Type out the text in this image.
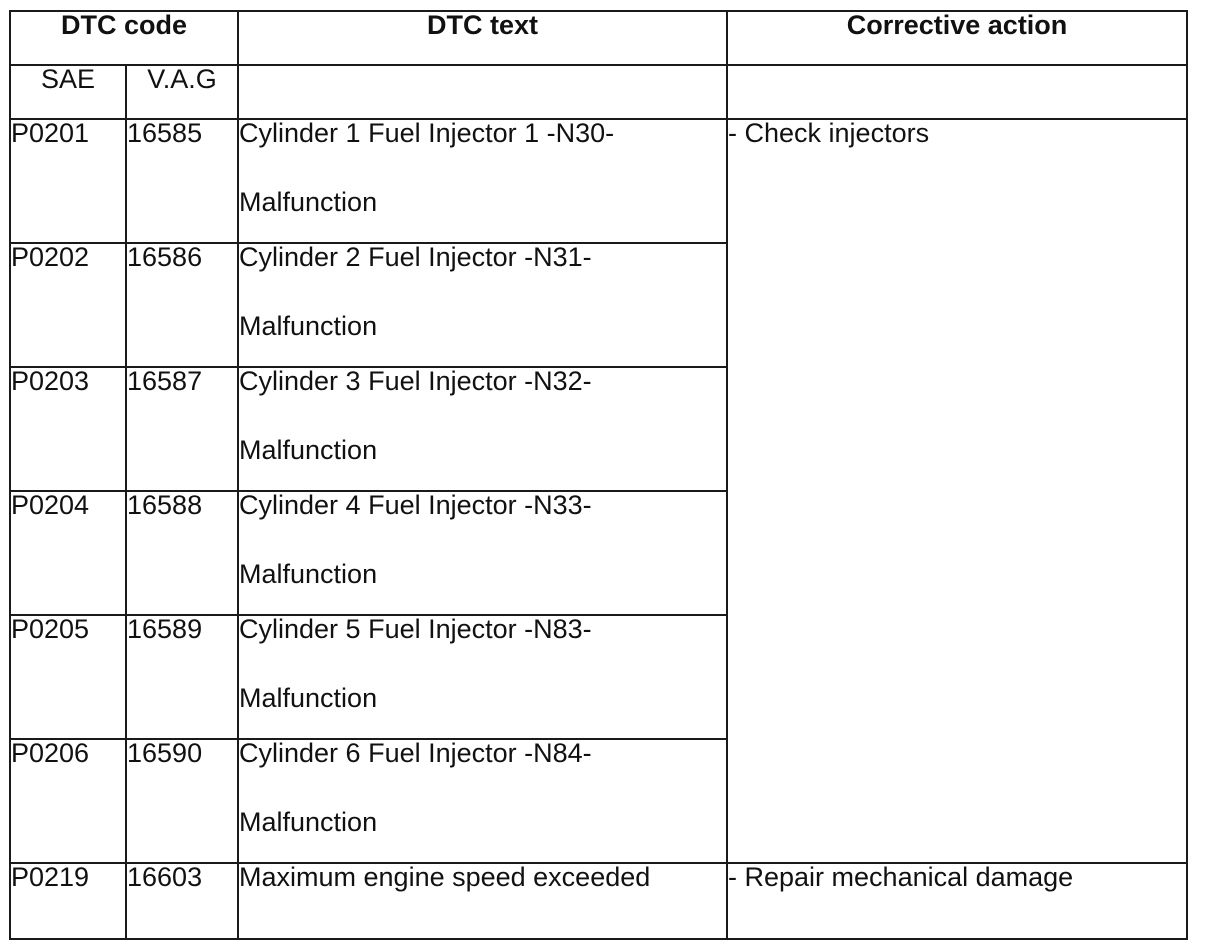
DTC code		DTC text	Corrective action
SAE	V.A.G		

P0201	16585	Cylinder 1 Fuel Injector 1 -N30-
Malfunction	- Check injectors

P0202	16586	Cylinder 2 Fuel Injector -N31-
Malfunction	

P0203	16587	Cylinder 3 Fuel Injector -N32-
Malfunction	

P0204	16588	Cylinder 4 Fuel Injector -N33-
Malfunction	

P0205	16589	Cylinder 5 Fuel Injector -N83-
Malfunction	

P0206	16590	Cylinder 6 Fuel Injector -N84-
Malfunction	

P0219	16603	Maximum engine speed exceeded	- Repair mechanical damage
